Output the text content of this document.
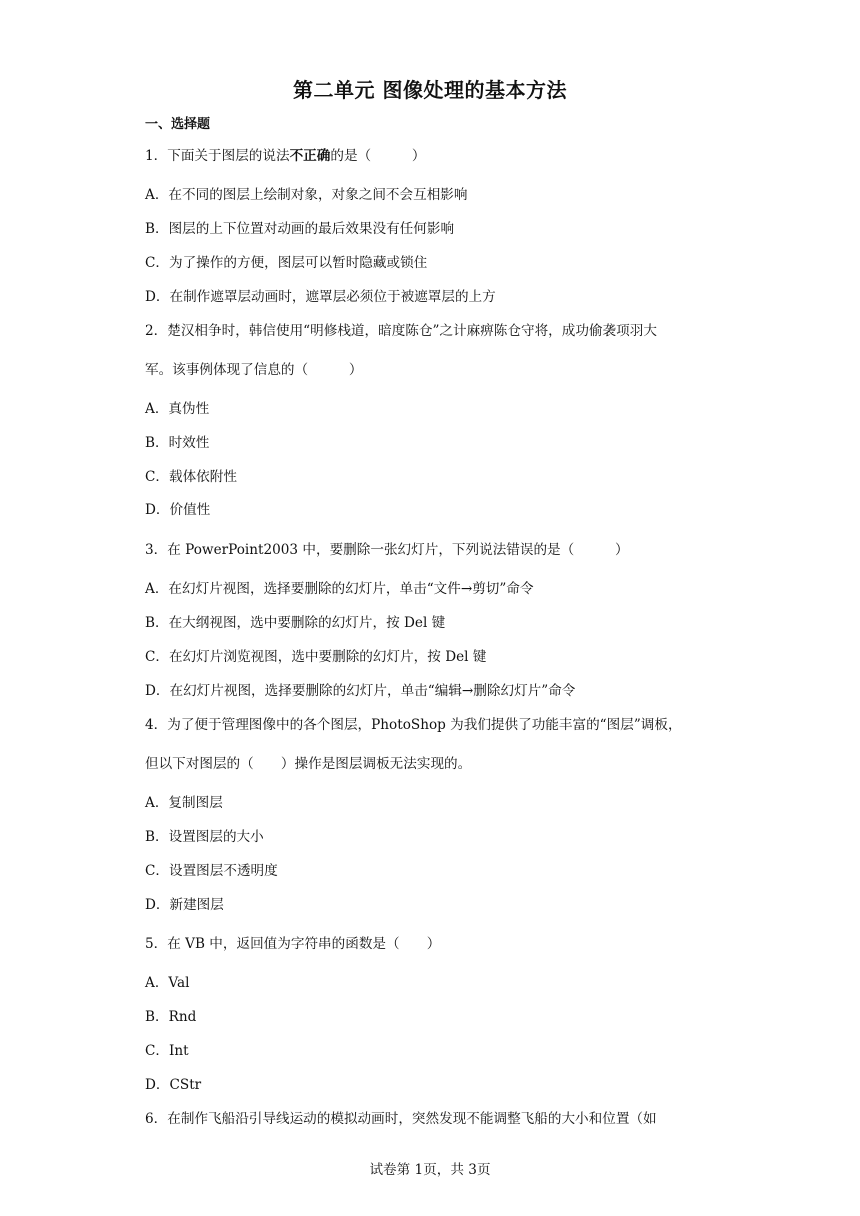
第二单元 图像处理的基本方法
一、选择题
1．下面关于图层的说法不正确的是（　　　）
A．在不同的图层上绘制对象，对象之间不会互相影响
B．图层的上下位置对动画的最后效果没有任何影响
C．为了操作的方便，图层可以暂时隐藏或锁住
D．在制作遮罩层动画时，遮罩层必须位于被遮罩层的上方
2．楚汉相争时，韩信使用“明修栈道，暗度陈仓”之计麻痹陈仓守将，成功偷袭项羽大
军。该事例体现了信息的（　　　）
A．真伪性
B．时效性
C．载体依附性
D．价值性
3．在 PowerPoint2003 中，要删除一张幻灯片，下列说法错误的是（　　　）
A．在幻灯片视图，选择要删除的幻灯片，单击“文件→剪切”命令
B．在大纲视图，选中要删除的幻灯片，按 Del 键
C．在幻灯片浏览视图，选中要删除的幻灯片，按 Del 键
D．在幻灯片视图，选择要删除的幻灯片，单击“编辑→删除幻灯片”命令
4．为了便于管理图像中的各个图层，PhotoShop 为我们提供了功能丰富的“图层”调板，
但以下对图层的（　　）操作是图层调板无法实现的。
A．复制图层
B．设置图层的大小
C．设置图层不透明度
D．新建图层
5．在 VB 中，返回值为字符串的函数是（　　）
A．Val
B．Rnd
C．Int
D．CStr
6．在制作飞船沿引导线运动的模拟动画时，突然发现不能调整飞船的大小和位置（如
试卷第 1页，共 3页
